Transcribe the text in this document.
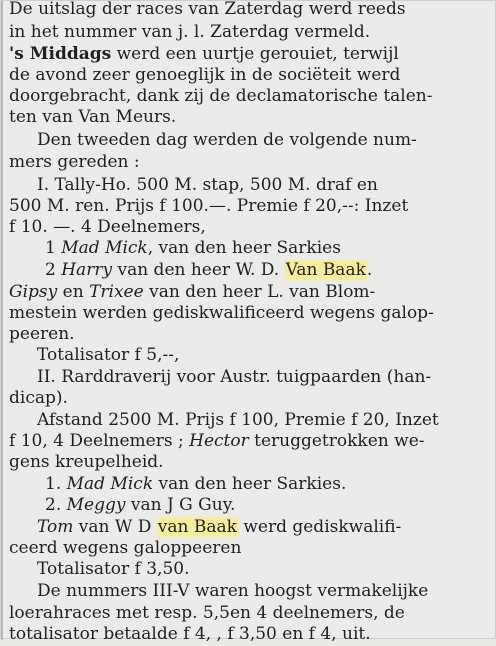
De uitslag der races van Zaterdag werd reeds
in het nummer van j. l. Zaterdag vermeld.
's Middags werd een uurtje gerouiet, terwijl
de avond zeer genoeglijk in de sociëteit werd
doorgebracht, dank zij de declamatorische talen-
ten van Van Meurs.
Den tweeden dag werden de volgende num-
mers gereden :
I. Tally-Ho. 500 M. stap, 500 M. draf en
500 M. ren. Prijs f 100.—. Premie f 20,--: Inzet
f 10. —. 4 Deelnemers,
1 Mad Mick, van den heer Sarkies
2 Harry van den heer W. D. Van Baak.
Gipsy en Trixee van den heer L. van Blom-
mestein werden gediskwalificeerd wegens galop-
peeren.
Totalisator f 5,--,
II. Rarddraverij voor Austr. tuigpaarden (han-
dicap).
Afstand 2500 M. Prijs f 100, Premie f 20, Inzet
f 10, 4 Deelnemers ; Hector teruggetrokken we-
gens kreupelheid.
1. Mad Mick van den heer Sarkies.
2. Meggy van J G Guy.
Tom van W D van Baak werd gediskwalifi-
ceerd wegens galoppeeren
Totalisator f 3,50.
De nummers III-V waren hoogst vermakelijke
loerahraces met resp. 5,5en 4 deelnemers, de
totalisator betaalde f 4, , f 3,50 en f 4, uit.
